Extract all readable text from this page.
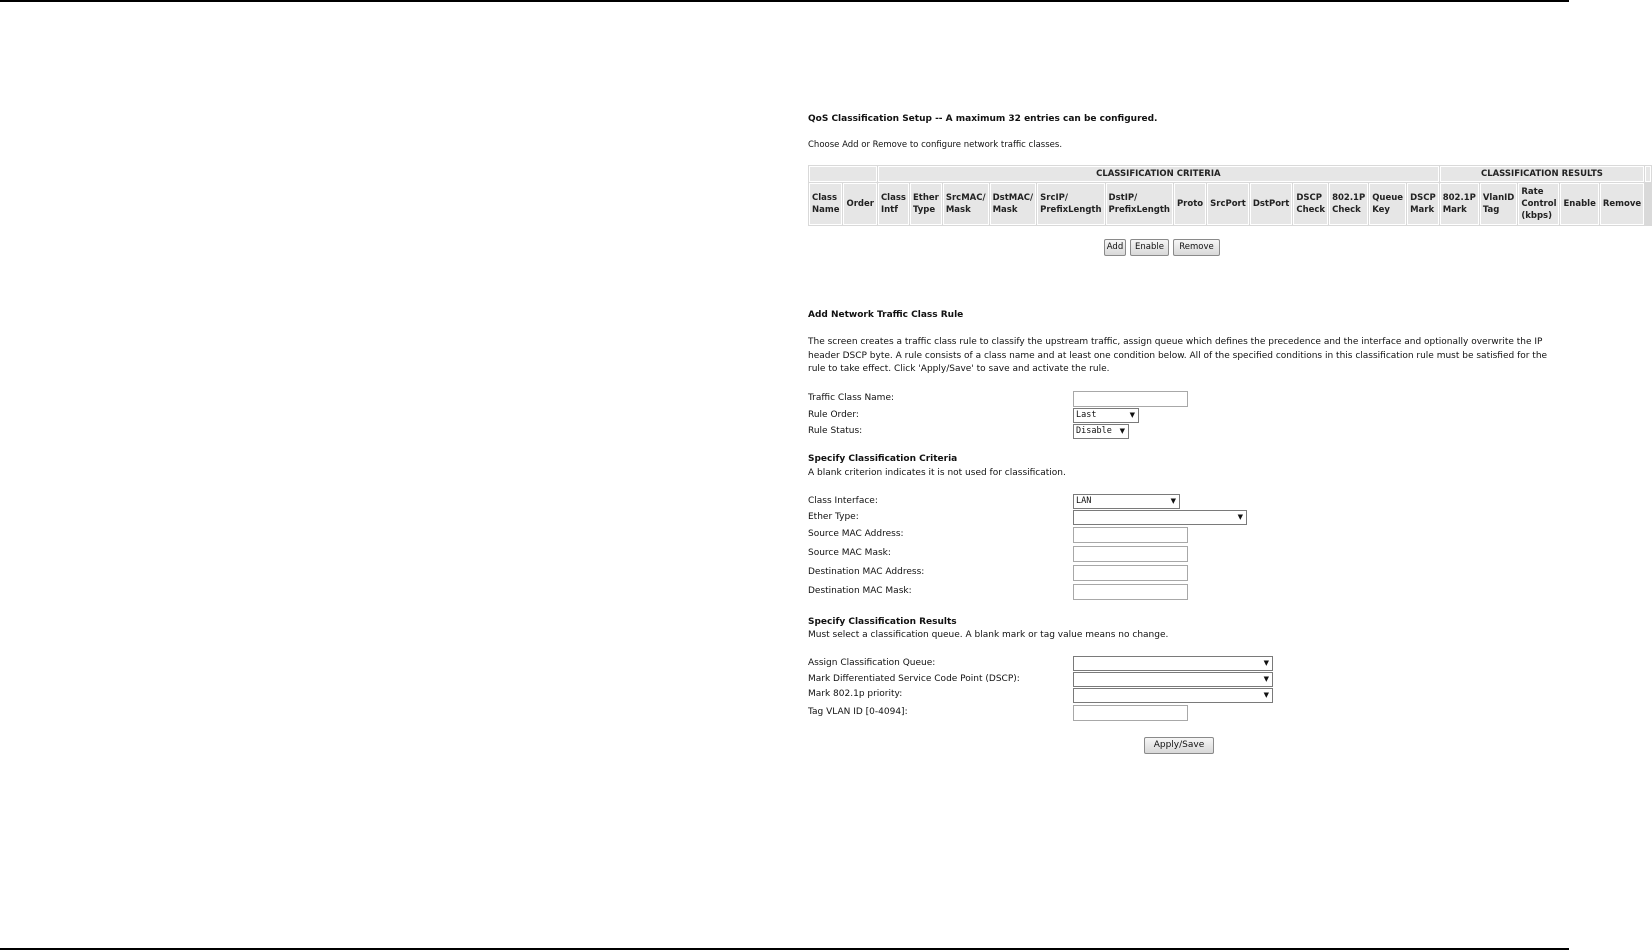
QoS Classification Setup -- A maximum 32 entries can be configured.
Choose Add or Remove to configure network traffic classes.
		CLASSIFICATION CRITERIA													CLASSIFICATION RESULTS					
Class Name	Order	Class Intf	Ether Type	SrcMAC/ Mask	DstMAC/ Mask	SrcIP/ PrefixLength	DstIP/ PrefixLength	Proto	SrcPort	DstPort	DSCP Check	802.1P Check	Queue Key	DSCP Mark	802.1P Mark	VlanID Tag	Rate Control (kbps)	Enable	Remove	
Add	Enable	Remove
Add Network Traffic Class Rule
The screen creates a traffic class rule to classify the upstream traffic, assign queue which defines the precedence and the interface and optionally overwrite the IP header DSCP byte. A rule consists of a class name and at least one condition below. All of the specified conditions in this classification rule must be satisfied for the rule to take effect. Click 'Apply/Save' to save and activate the rule.
Traffic Class Name:
Rule Order:	Last	▼
Rule Status:	Disable ▼
Specify Classification Criteria
A blank criterion indicates it is not used for classification.
Class Interface:	LAN	▼
Ether Type:	▼
Source MAC Address:
Source MAC Mask:
Destination MAC Address:
Destination MAC Mask:
Specify Classification Results
Must select a classification queue. A blank mark or tag value means no change.
Assign Classification Queue:	▼
Mark Differentiated Service Code Point (DSCP):	▼
Mark 802.1p priority:	▼
Tag VLAN ID [0-4094]:
Apply/Save
